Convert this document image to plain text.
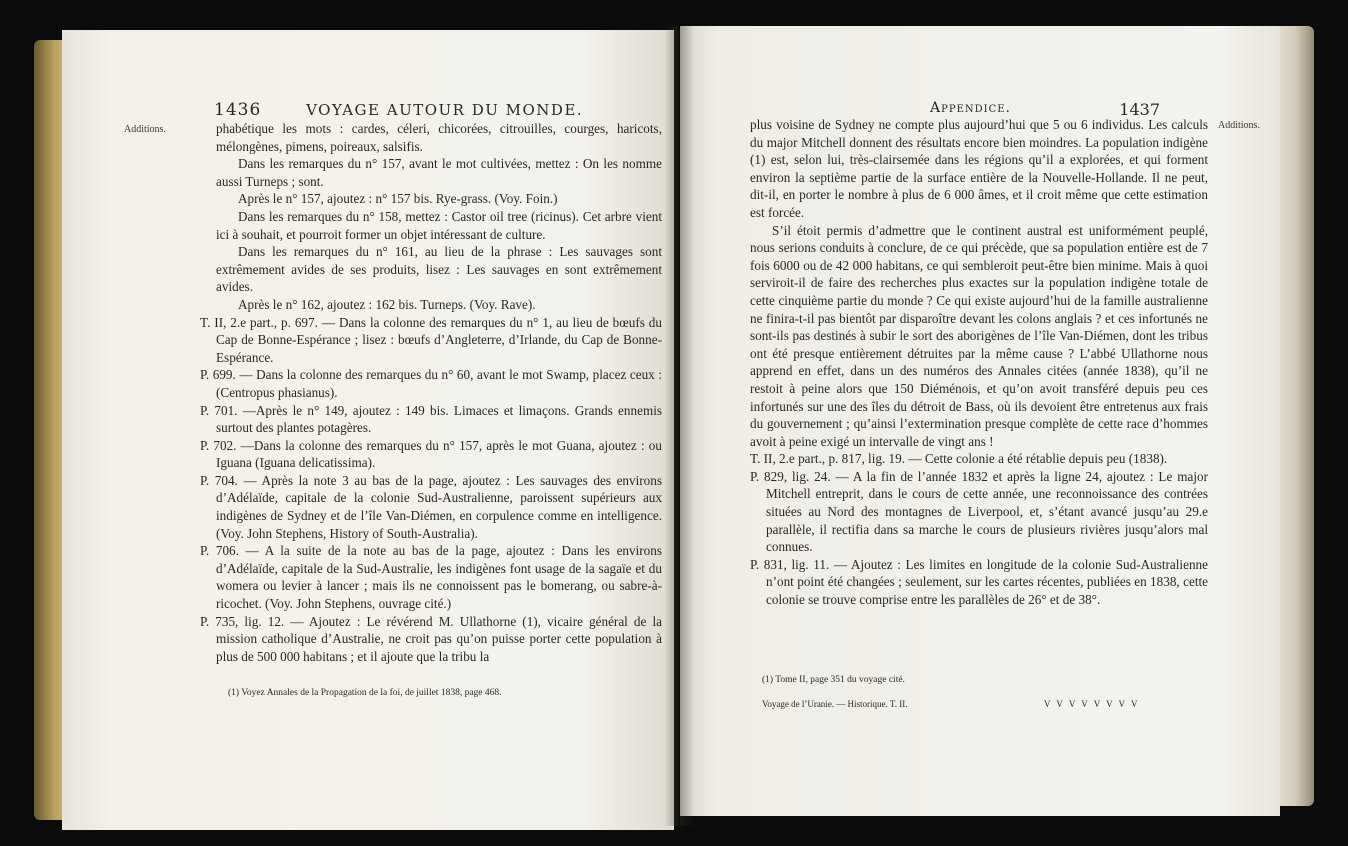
Additions.
1436	VOYAGE AUTOUR DU MONDE.

phabétique les mots : cardes, céleri, chicorées, citrouilles, courges, haricots, mélongènes, pimens, poireaux, salsifis.

Dans les remarques du n° 157, avant le mot cultivées, mettez : On les nomme aussi Turneps ; sont.

Après le n° 157, ajoutez : n° 157 bis. Rye-grass. (Voy. Foin.)

Dans les remarques du n° 158, mettez : Castor oil tree (ricinus). Cet arbre vient ici à souhait, et pourroit former un objet intéressant de culture.

Dans les remarques du n° 161, au lieu de la phrase : Les sauvages sont extrêmement avides de ses produits, lisez : Les sauvages en sont extrêmement avides.

Après le n° 162, ajoutez : 162 bis. Turneps. (Voy. Rave).

T. II, 2.e part., p. 697. — Dans la colonne des remarques du n° 1, au lieu de bœufs du Cap de Bonne-Espérance ; lisez : bœufs d’Angleterre, d’Irlande, du Cap de Bonne-Espérance.

P. 699. — Dans la colonne des remarques du n° 60, avant le mot Swamp, placez ceux : (Centropus phasianus).

P. 701. —Après le n° 149, ajoutez : 149 bis. Limaces et limaçons. Grands ennemis surtout des plantes potagères.

P. 702. —Dans la colonne des remarques du n° 157, après le mot Guana, ajoutez : ou Iguana (Iguana delicatissima).

P. 704. — Après la note 3 au bas de la page, ajoutez : Les sauvages des environs d’Adélaïde, capitale de la colonie Sud-Australienne, paroissent supérieurs aux indigènes de Sydney et de l’île Van-Diémen, en corpulence comme en intelligence. (Voy. John Stephens, History of South-Australia).

P. 706. — A la suite de la note au bas de la page, ajoutez : Dans les environs d’Adélaïde, capitale de la Sud-Australie, les indigènes font usage de la sagaïe et du womera ou levier à lancer ; mais ils ne connoissent pas le bomerang, ou sabre-à-ricochet. (Voy. John Stephens, ouvrage cité.)

P. 735, lig. 12. — Ajoutez : Le révérend M. Ullathorne (1), vicaire général de la mission catholique d’Australie, ne croit pas qu’on puisse porter cette population à plus de 500 000 habitans ; et il ajoute que la tribu la

(1) Voyez Annales de la Propagation de la foi, de juillet 1838, page 468.
Appendice.	1437
Additions.

plus voisine de Sydney ne compte plus aujourd’hui que 5 ou 6 individus. Les calculs du major Mitchell donnent des résultats encore bien moindres. La population indigène (1) est, selon lui, très-clairsemée dans les régions qu’il a explorées, et qui forment environ la septième partie de la surface entière de la Nouvelle-Hollande. Il ne peut, dit-il, en porter le nombre à plus de 6 000 âmes, et il croit même que cette estimation est forcée.

S’il étoit permis d’admettre que le continent austral est uniformément peuplé, nous serions conduits à conclure, de ce qui précède, que sa population entière est de 7 fois 6000 ou de 42 000 habitans, ce qui sembleroit peut-être bien minime. Mais à quoi serviroit-il de faire des recherches plus exactes sur la population indigène totale de cette cinquième partie du monde ? Ce qui existe aujourd’hui de la famille australienne ne finira-t-il pas bientôt par disparoître devant les colons anglais ? et ces infortunés ne sont-ils pas destinés à subir le sort des aborigènes de l’île Van-Diémen, dont les tribus ont été presque entièrement détruites par la même cause ? L’abbé Ullathorne nous apprend en effet, dans un des numéros des Annales citées (année 1838), qu’il ne restoit à peine alors que 150 Diéménois, et qu’on avoit transféré depuis peu ces infortunés sur une des îles du détroit de Bass, où ils devoient être entretenus aux frais du gouvernement ; qu’ainsi l’extermination presque complète de cette race d’hommes avoit à peine exigé un intervalle de vingt ans !

T. II, 2.e part., p. 817, lig. 19. — Cette colonie a été rétablie depuis peu (1838).

P. 829, lig. 24. — A la fin de l’année 1832 et après la ligne 24, ajoutez : Le major Mitchell entreprit, dans le cours de cette année, une reconnoissance des contrées situées au Nord des montagnes de Liverpool, et, s’étant avancé jusqu’au 29.e parallèle, il rectifia dans sa marche le cours de plusieurs rivières jusqu’alors mal connues.

P. 831, lig. 11. — Ajoutez : Les limites en longitude de la colonie Sud-Australienne n’ont point été changées ; seulement, sur les cartes récentes, publiées en 1838, cette colonie se trouve comprise entre les parallèles de 26° et de 38°.

(1) Tome II, page 351 du voyage cité.
Voyage de l’Uranie. — Historique. T. II.	V V V V V V V V
